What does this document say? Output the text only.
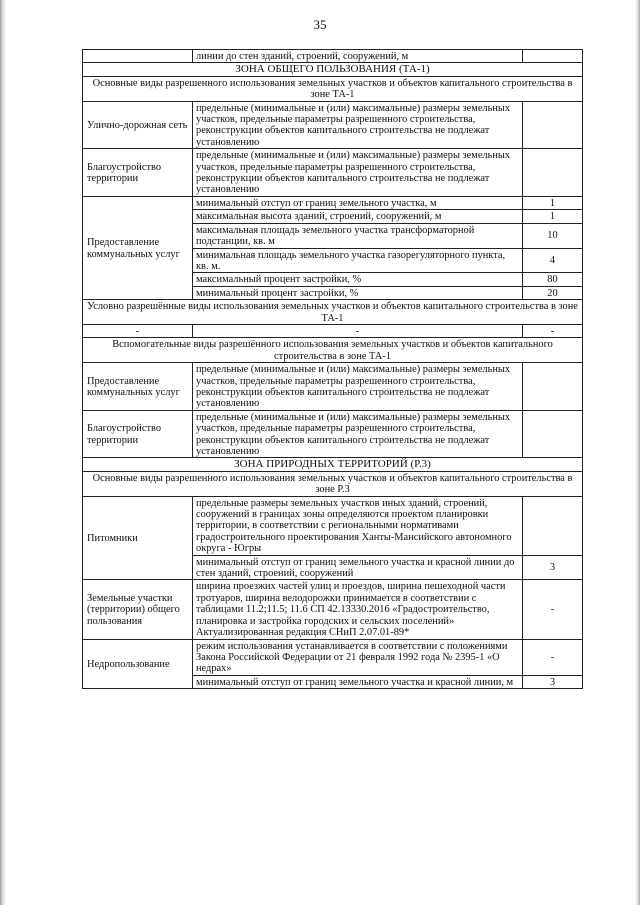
35
	линии до стен зданий, строений, сооружений, м	
ЗОНА ОБЩЕГО ПОЛЬЗОВАНИЯ (ТА-1)		
Основные виды разрешенного использования земельных участков и объектов капитального строительства в зоне ТА-1		
Улично-дорожная сеть	предельные (минимальные и (или) максимальные) размеры земельных участков, предельные параметры разрешенного строительства, реконструкции объектов капитального строительства не подлежат установлению	
Благоустройство территории	предельные (минимальные и (или) максимальные) размеры земельных участков, предельные параметры разрешенного строительства, реконструкции объектов капитального строительства не подлежат установлению	
Предоставление коммунальных услуг	минимальный отступ от границ земельного участка, м	1
	максимальная высота зданий, строений, сооружений, м	1
	максимальная площадь земельного участка трансформаторной подстанции, кв. м	10
	минимальная площадь земельного участка газорегуляторного пункта, кв. м.	4
	максимальный процент застройки, %	80
	минимальный процент застройки, %	20
Условно разрешённые виды использования земельных участков и объектов капитального строительства в зоне ТА-1		
-	-	-
Вспомогательные виды разрешённого использования земельных участков и объектов капитального строительства в зоне ТА-1		
Предоставление коммунальных услуг	предельные (минимальные и (или) максимальные) размеры земельных участков, предельные параметры разрешенного строительства, реконструкции объектов капитального строительства не подлежат установлению	
Благоустройство территории	предельные (минимальные и (или) максимальные) размеры земельных участков, предельные параметры разрешенного строительства, реконструкции объектов капитального строительства не подлежат установлению	
ЗОНА ПРИРОДНЫХ ТЕРРИТОРИЙ (Р.3)		
Основные виды разрешенного использования земельных участков и объектов капитального строительства в зоне Р.3		
Питомники	предельные размеры земельных участков иных зданий, строений, сооружений в границах зоны определяются проектом планировки территории, в соответствии с региональными нормативами градостроительного проектирования Ханты-Мансийского автономного округа - Югры	
	минимальный отступ от границ земельного участка и красной линии до стен зданий, строений, сооружений	3
Земельные участки (территории) общего пользования	ширина проезжих частей улиц и проездов, ширина пешеходной части тротуаров, ширина велодорожки принимается в соответствии с таблицами 11.2;11.5; 11.6 СП 42.13330.2016 «Градостроительство, планировка и застройка городских и сельских поселений» Актуализированная редакция СНиП 2.07.01-89*	-
Недропользование	режим использования устанавливается в соответствии с положениями Закона Российской Федерации от 21 февраля 1992 года № 2395-1 «О недрах»	-
	минимальный отступ от границ земельного участка и красной линии, м	3
